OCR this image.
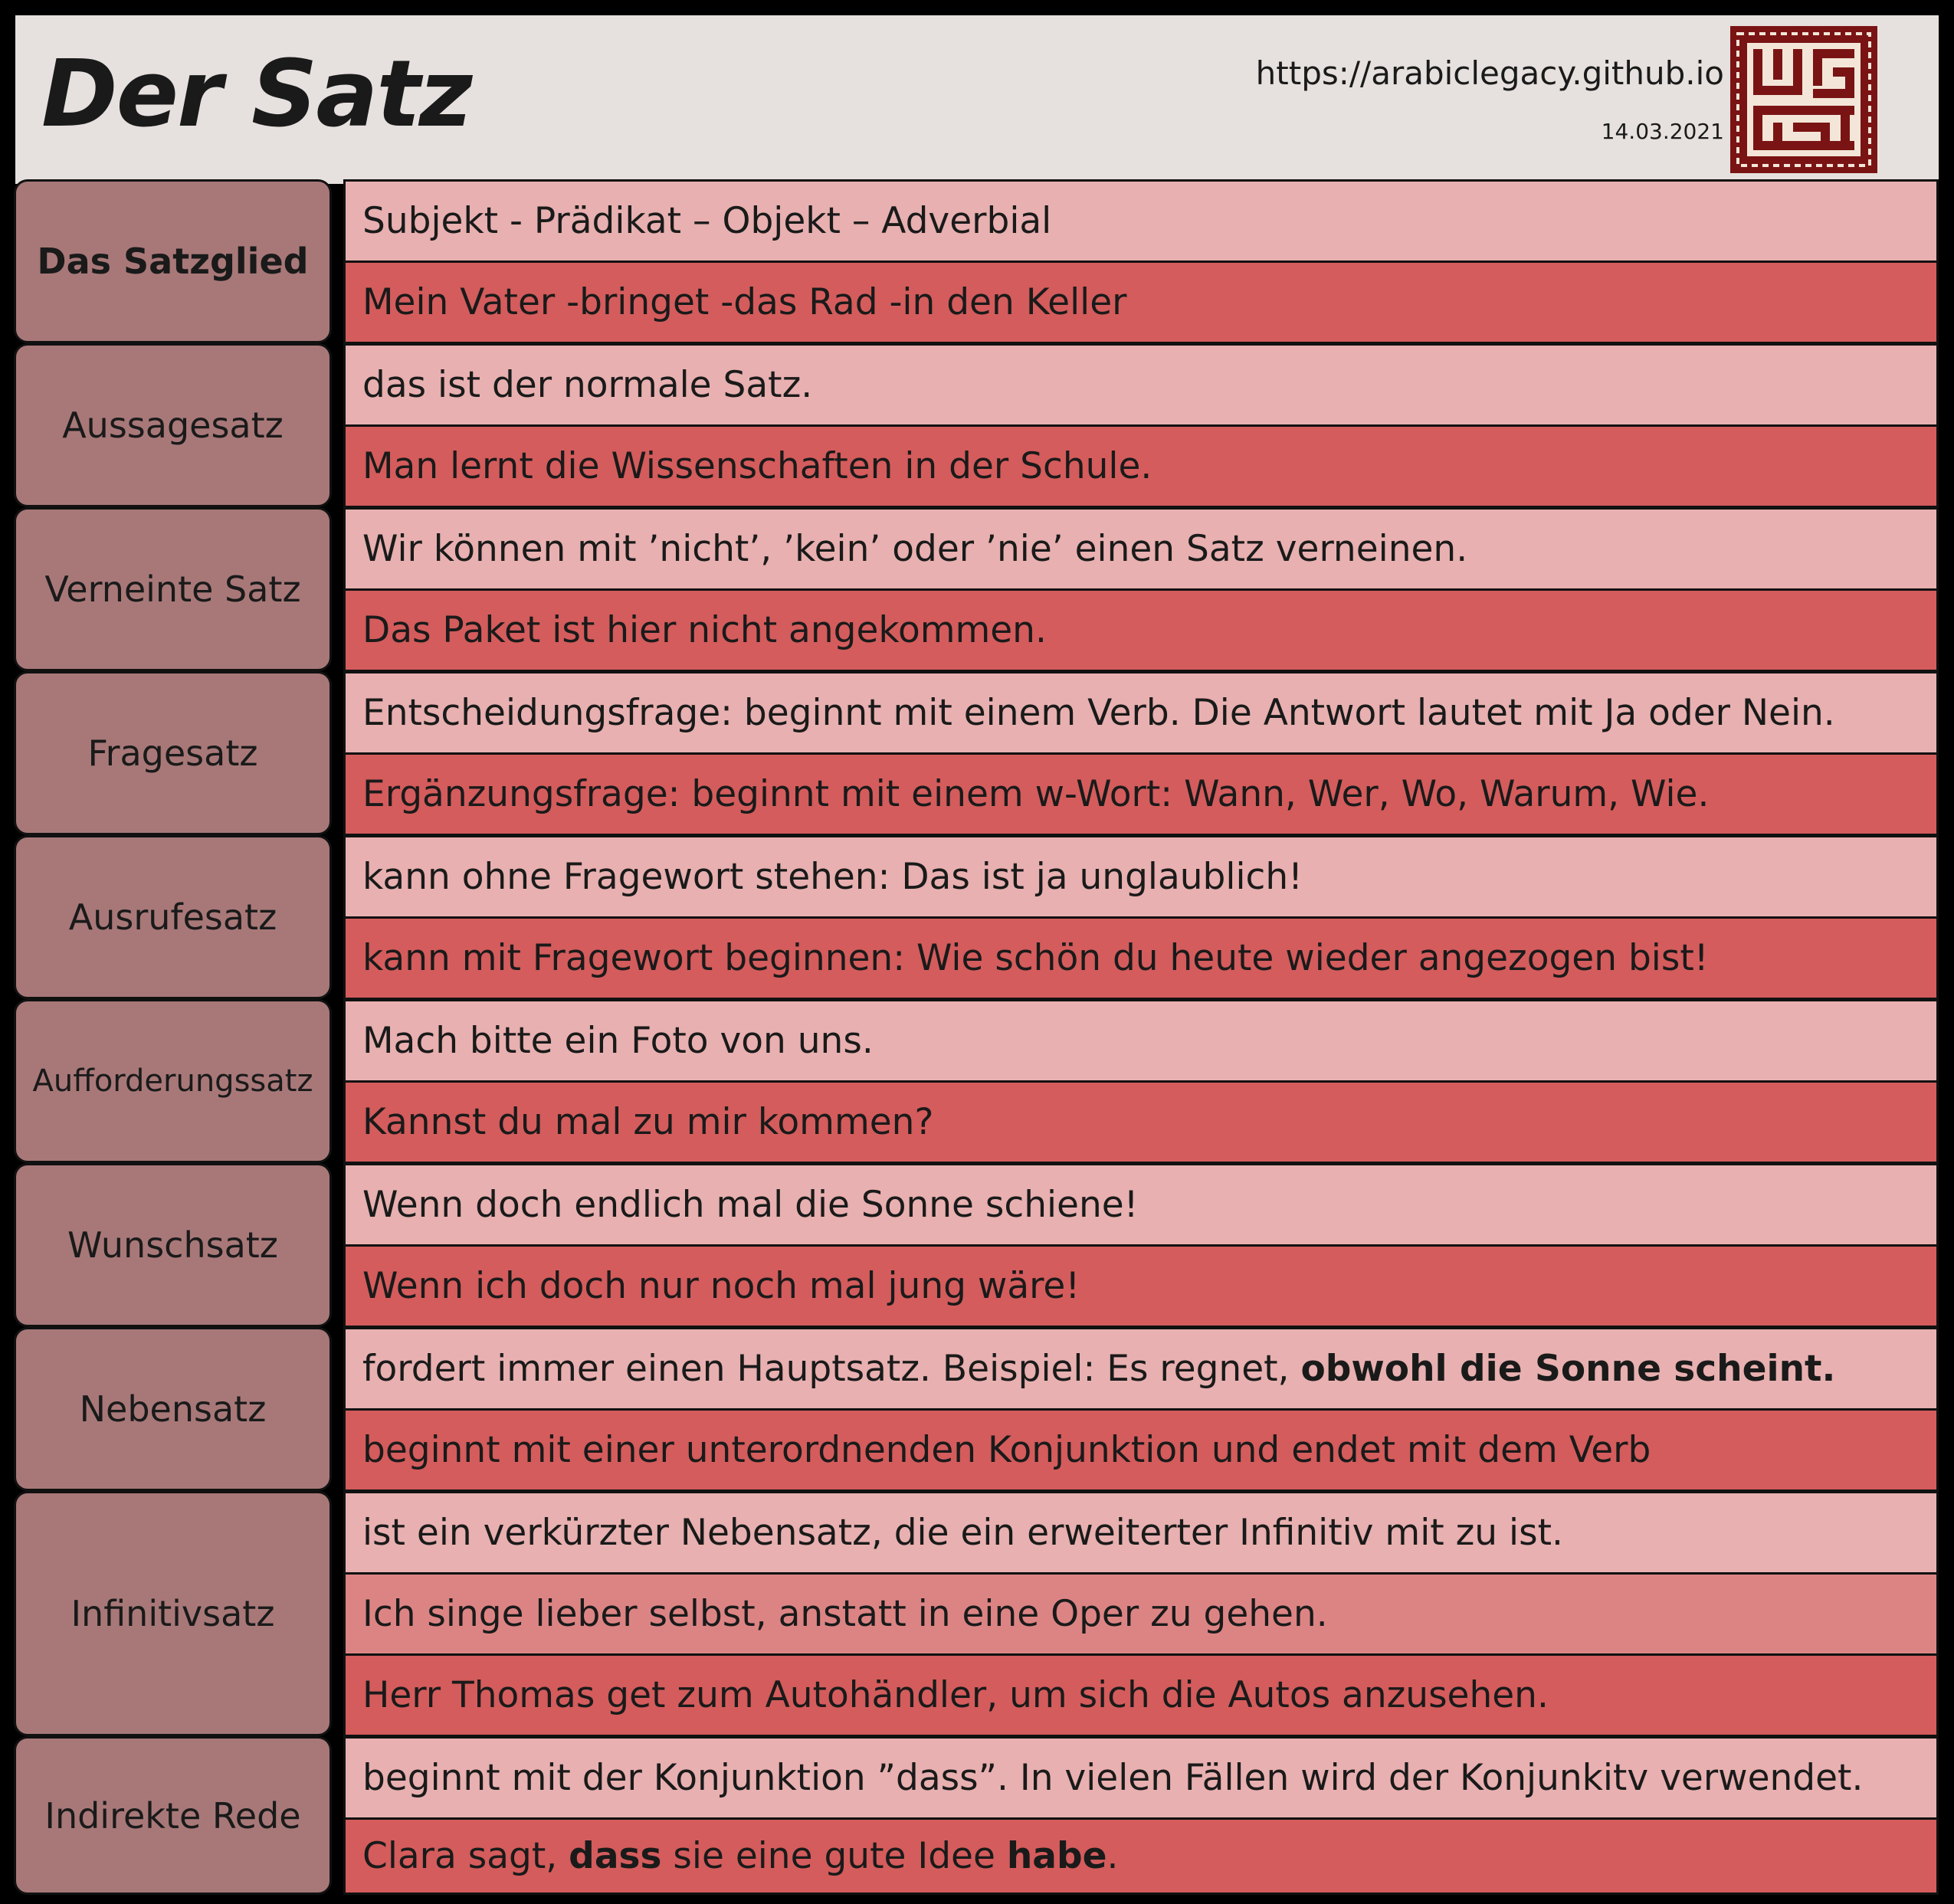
Der Satz	https://arabiclegacy.github.io
14.03.2021
Das Satzglied
Subjekt - Prädikat – Objekt – Adverbial
Mein Vater -bringet -das Rad -in den Keller
Aussagesatz
das ist der normale Satz.
Man lernt die Wissenschaften in der Schule.
Verneinte Satz
Wir können mit ’nicht’, ’kein’ oder ’nie’ einen Satz verneinen.
Das Paket ist hier nicht angekommen.
Fragesatz
Entscheidungsfrage: beginnt mit einem Verb. Die Antwort lautet mit Ja oder Nein.
Ergänzungsfrage: beginnt mit einem w-Wort: Wann, Wer, Wo, Warum, Wie.
Ausrufesatz
kann ohne Fragewort stehen: Das ist ja unglaublich!
kann mit Fragewort beginnen: Wie schön du heute wieder angezogen bist!
Aufforderungssatz
Mach bitte ein Foto von uns.
Kannst du mal zu mir kommen?
Wunschsatz
Wenn doch endlich mal die Sonne schiene!
Wenn ich doch nur noch mal jung wäre!
Nebensatz
fordert immer einen Hauptsatz. Beispiel: Es regnet, obwohl die Sonne scheint.
beginnt mit einer unterordnenden Konjunktion und endet mit dem Verb
Infinitivsatz
ist ein verkürzter Nebensatz, die ein erweiterter Infinitiv mit zu ist.
Ich singe lieber selbst, anstatt in eine Oper zu gehen.
Herr Thomas get zum Autohändler, um sich die Autos anzusehen.
Indirekte Rede
beginnt mit der Konjunktion ”dass”. In vielen Fällen wird der Konjunkitv verwendet.
Clara sagt, dass sie eine gute Idee habe .
